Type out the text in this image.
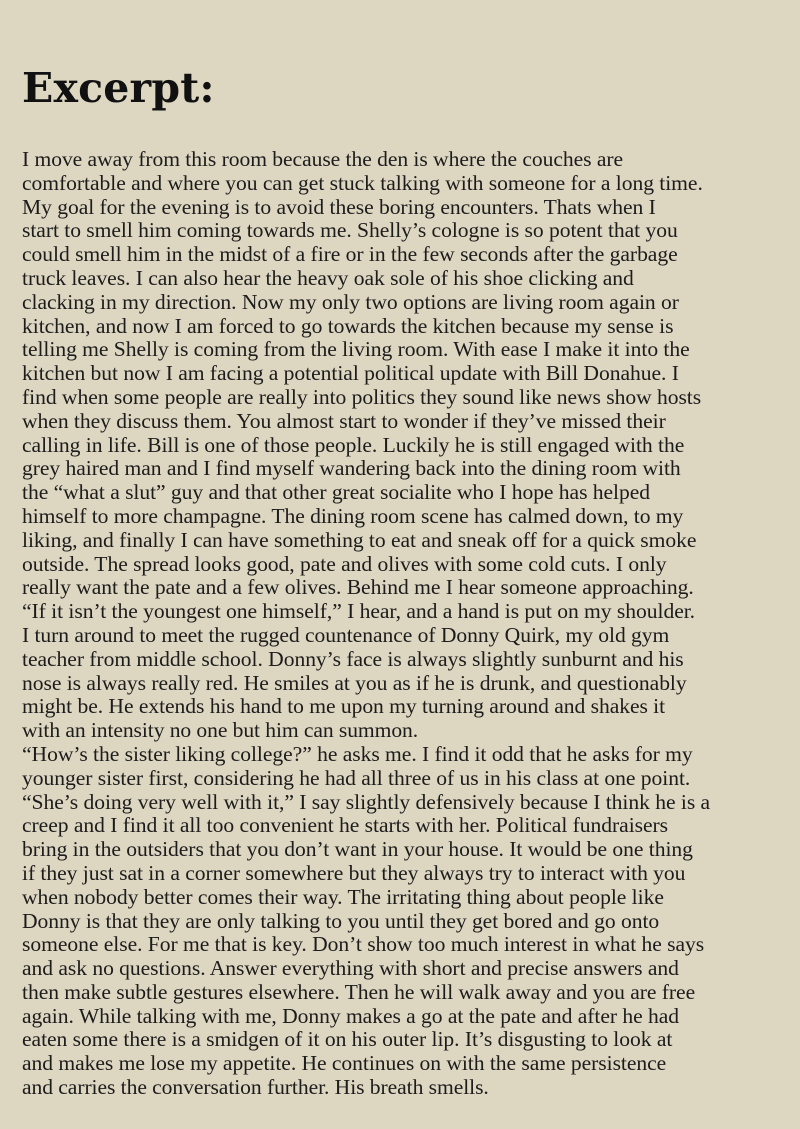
Excerpt:

I move away from this room because the den is where the couches are
comfortable and where you can get stuck talking with someone for a long time.
My goal for the evening is to avoid these boring encounters. Thats when I
start to smell him coming towards me. Shelly’s cologne is so potent that you
could smell him in the midst of a fire or in the few seconds after the garbage
truck leaves. I can also hear the heavy oak sole of his shoe clicking and
clacking in my direction. Now my only two options are living room again or
kitchen, and now I am forced to go towards the kitchen because my sense is
telling me Shelly is coming from the living room. With ease I make it into the
kitchen but now I am facing a potential political update with Bill Donahue. I
find when some people are really into politics they sound like news show hosts
when they discuss them. You almost start to wonder if they’ve missed their
calling in life. Bill is one of those people. Luckily he is still engaged with the
grey haired man and I find myself wandering back into the dining room with
the “what a slut” guy and that other great socialite who I hope has helped
himself to more champagne. The dining room scene has calmed down, to my
liking, and finally I can have something to eat and sneak off for a quick smoke
outside. The spread looks good, pate and olives with some cold cuts. I only
really want the pate and a few olives. Behind me I hear someone approaching.
“If it isn’t the youngest one himself,” I hear, and a hand is put on my shoulder.
I turn around to meet the rugged countenance of Donny Quirk, my old gym
teacher from middle school. Donny’s face is always slightly sunburnt and his
nose is always really red. He smiles at you as if he is drunk, and questionably
might be. He extends his hand to me upon my turning around and shakes it
with an intensity no one but him can summon.

“How’s the sister liking college?” he asks me. I find it odd that he asks for my
younger sister first, considering he had all three of us in his class at one point.

“She’s doing very well with it,” I say slightly defensively because I think he is a
creep and I find it all too convenient he starts with her. Political fundraisers
bring in the outsiders that you don’t want in your house. It would be one thing
if they just sat in a corner somewhere but they always try to interact with you
when nobody better comes their way. The irritating thing about people like
Donny is that they are only talking to you until they get bored and go onto
someone else. For me that is key. Don’t show too much interest in what he says
and ask no questions. Answer everything with short and precise answers and
then make subtle gestures elsewhere. Then he will walk away and you are free
again. While talking with me, Donny makes a go at the pate and after he had
eaten some there is a smidgen of it on his outer lip. It’s disgusting to look at
and makes me lose my appetite. He continues on with the same persistence
and carries the conversation further. His breath smells.
